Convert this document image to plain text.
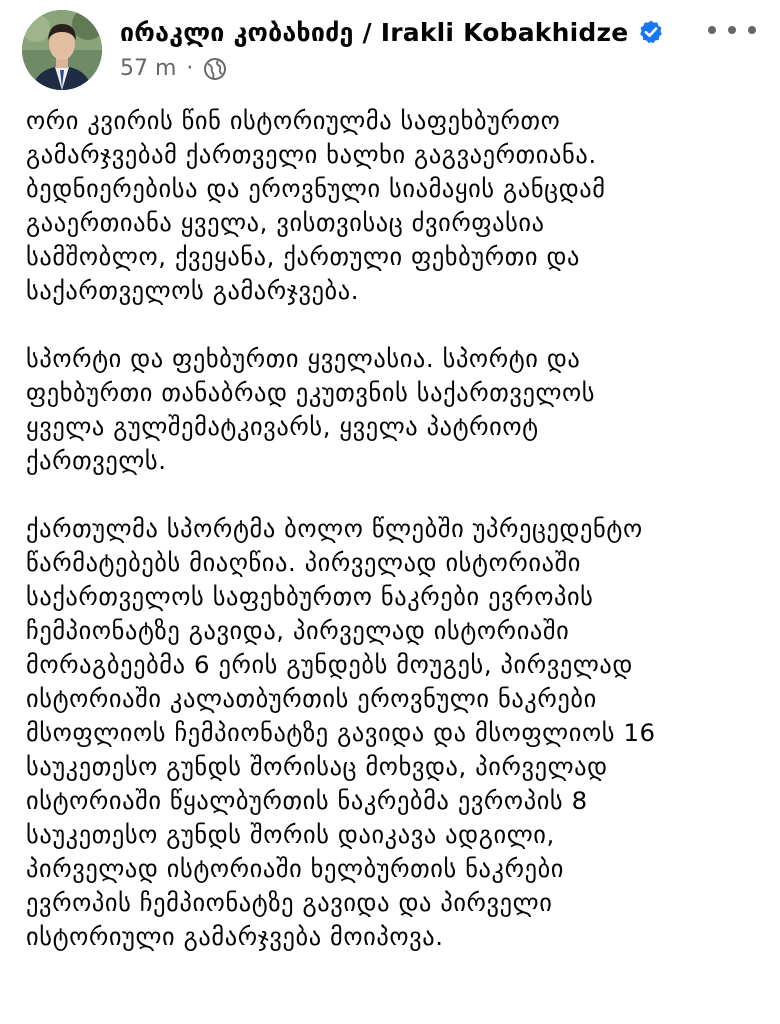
ირაკლი კობახიძე / Irakli Kobakhidze
57 m ·
ორი კვირის წინ ისტორიულმა საფეხბურთო
გამარჯვებამ ქართველი ხალხი გაგვაერთიანა.
ბედნიერებისა და ეროვნული სიამაყის განცდამ
გააერთიანა ყველა, ვისთვისაც ძვირფასია
სამშობლო, ქვეყანა, ქართული ფეხბურთი და
საქართველოს გამარჯვება.
სპორტი და ფეხბურთი ყველასია. სპორტი და
ფეხბურთი თანაბრად ეკუთვნის საქართველოს
ყველა გულშემატკივარს, ყველა პატრიოტ
ქართველს.
ქართულმა სპორტმა ბოლო წლებში უპრეცედენტო
წარმატებებს მიაღწია. პირველად ისტორიაში
საქართველოს საფეხბურთო ნაკრები ევროპის
ჩემპიონატზე გავიდა, პირველად ისტორიაში
მორაგბეებმა 6 ერის გუნდებს მოუგეს, პირველად
ისტორიაში კალათბურთის ეროვნული ნაკრები
მსოფლიოს ჩემპიონატზე გავიდა და მსოფლიოს 16
საუკეთესო გუნდს შორისაც მოხვდა, პირველად
ისტორიაში წყალბურთის ნაკრებმა ევროპის 8
საუკეთესო გუნდს შორის დაიკავა ადგილი,
პირველად ისტორიაში ხელბურთის ნაკრები
ევროპის ჩემპიონატზე გავიდა და პირველი
ისტორიული გამარჯვება მოიპოვა.
